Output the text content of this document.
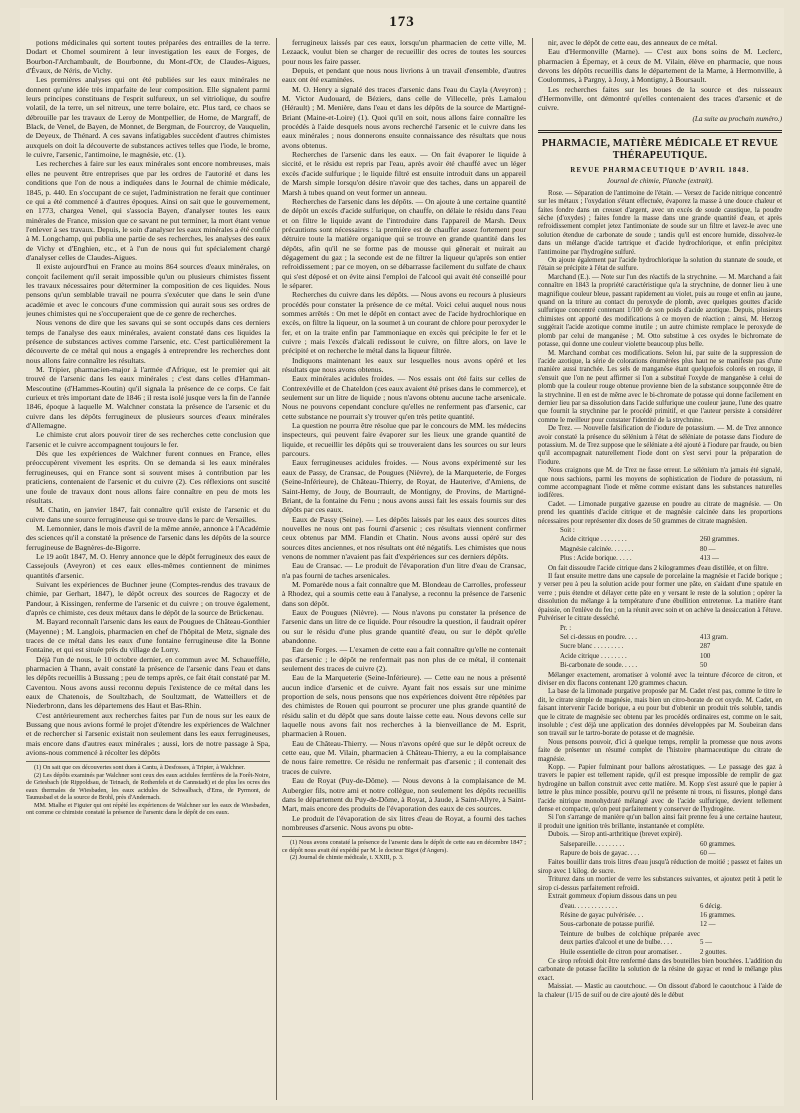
173

potions médicinales qui sortent toutes préparées des entrailles de la terre. Dodart et Chomel soumirent à leur investigation les eaux de Forges, de Bourbon-l'Archambault, de Bourbonne, du Mont-d'Or, de Claudes-Aigues, d'Évaux, de Néris, de Vichy.

Les premières analyses qui ont été publiées sur les eaux minérales ne donnent qu'une idée très imparfaite de leur composition. Elle signalent parmi leurs principes constituans de l'esprit sulfureux, un sel vitriolique, du soufre volatil, de la terre, un sel nitreux, une terre bolaire, etc. Plus tard, ce chaos se débrouille par les travaux de Leroy de Montpellier, de Home, de Margraff, de Black, de Venel, de Bayen, de Monnet, de Bergman, de Fourcroy, de Vauquelin, de Deyeux, de Thénard. A ces savans infatigables succèdent d'autres chimistes auxquels on doit la découverte de substances actives telles que l'iode, le brome, le cuivre, l'arsenic, l'antimoine, le magnésie, etc. (1).

Les recherches à faire sur les eaux minérales sont encore nombreuses, mais elles ne peuvent être entreprises que par les ordres de l'autorité et dans les conditions que l'on de nous a indiquées dans le Journal de chimie médicale, 1845, p. 440. En s'occupant de ce sujet, l'administration ne ferait que continuer ce qui a été commencé à d'autres époques. Ainsi on sait que le gouvernement, en 1773, chargea Venel, qui s'associa Bayen, d'analyser toutes les eaux minérales de France, mission que ce savant ne put terminer, la mort étant venue l'enlever à ses travaux. Depuis, le soin d'analyser les eaux minérales a été confié à M. Longchamp, qui publia une partie de ses recherches, les analyses des eaux de Vichy et d'Enghien, etc., et à l'un de nous qui fut spécialement chargé d'analyser celles de Claudes-Aigues.

Il existe aujourd'hui en France au moins 864 sources d'eaux minérales, on conçoit facilement qu'il serait impossible qu'un ou plusieurs chimistes fissent les travaux nécessaires pour déterminer la composition de ces liquides. Nous pensons qu'un semblable travail ne pourra s'exécuter que dans le sein d'une académie et avec le concours d'une commission qui aurait sous ses ordres de jeunes chimistes qui ne s'occuperaient que de ce genre de recherches.

Nous venons de dire que les savans qui se sont occupés dans ces derniers temps de l'analyse des eaux minérales, avaient constaté dans ces liquides la présence de substances actives comme l'arsenic, etc. C'est particulièrement la découverte de ce métal qui nous a engagés à entreprendre les recherches dont nous allons faire connaître les résultats.

M. Tripier, pharmacien-major à l'armée d'Afrique, est le premier qui ait trouvé de l'arsenic dans les eaux minérales ; c'est dans celles d'Hamman-Mescoutine (d'Hammes-Koutin) qu'il signala la présence de ce corps. Ce fait curieux et très important date de 1846 ; il resta isolé jusque vers la fin de l'année 1846, époque à laquelle M. Walchner constata la présence de l'arsenic et du cuivre dans les dépôts ferrugineux de plusieurs sources d'eaux minérales d'Allemagne.

Le chimiste crut alors pouvoir tirer de ses recherches cette conclusion que l'arsenic et le cuivre accompagnent toujours le fer.

Dès que les expériences de Walchner furent connues en France, elles préoccupèrent vivement les esprits. On se demanda si les eaux minérales ferrugineuses, qui en France sont si souvent mises à contribution par les praticiens, contenaient de l'arsenic et du cuivre (2). Ces réflexions ont suscité une foule de travaux dont nous allons faire connaître en peu de mots les résultats.

M. Chatin, en janvier 1847, fait connaître qu'il existe de l'arsenic et du cuivre dans une source ferrugineuse qui se trouve dans le parc de Versailles.

M. Lemonnier, dans le mois d'avril de la même année, annonce à l'Académie des sciences qu'il a constaté la présence de l'arsenic dans les dépôts de la source ferrugineuse de Bagnères-de-Bigorre.

Le 19 août 1847, M. O. Henry annonce que le dépôt ferrugineux des eaux de Cassejouls (Aveyron) et ces eaux elles-mêmes contiennent de minimes quantités d'arsenic.

Suivant les expériences de Buchner jeune (Comptes-rendus des travaux de chimie, par Gerhart, 1847), le dépôt ocreux des sources de Ragoczy et de Pandour, à Kissingen, renferme de l'arsenic et du cuivre ; on trouve également, d'après ce chimiste, ces deux métaux dans le dépôt de la source de Brückenau.

M. Bayard reconnaît l'arsenic dans les eaux de Pougues de Château-Gonthier (Mayenne) ; M. Langlois, pharmacien en chef de l'hôpital de Metz, signale des traces de ce métal dans les eaux d'une fontaine ferrugineuse dite la Bonne Fontaine, et qui est située près du village de Lorry.

Déjà l'un de nous, le 10 octobre dernier, en commun avec M. Schauefféle, pharmacien à Thann, avait constaté la présence de l'arsenic dans l'eau et dans les dépôts recueillis à Bussang ; peu de temps après, ce fait était constaté par M. Caventou. Nous avons aussi reconnu depuis l'existence de ce métal dans les eaux de Chatenois, de Soultzbach, de Soultzmatt, de Watteillers et de Niederbronn, dans les départemens des Haut et Bas-Rhin.

C'est antérieurement aux recherches faites par l'un de nous sur les eaux de Bussang que nous avions formé le projet d'étendre les expériences de Walchner et de rechercher si l'arsenic existait non seulement dans les eaux ferrugineuses, mais encore dans d'autres eaux minérales ; aussi, lors de notre passage à Spa, avions-nous commencé à récolter les dépôts

(1) On sait que ces découvertes sont dues à Cantu, à Desfosses, à Tripier, à Walchner.

(2) Les dépôts examinés par Walchner sont ceux des eaux acidules ferrifères de la Forêt-Noire, de Griesbach (de Rippoldsau, de Teinach, de Rothenfels et de Cannstadt) et de plus les ocres des eaux thermales de Wiesbaden, les eaux acidules de Schwalbach, d'Ems, de Pyrmont, de Taunusbad et de la source de Brohl, près d'Andernach.

MM. Mialhe et Figuier qui ont répété les expériences de Walchner sur les eaux de Wiesbaden, ont comme ce chimiste constaté la présence de l'arsenic dans le dépôt de ces eaux.

ferrugineux laissés par ces eaux, lorsqu'un pharmacien de cette ville, M. Lezaack, voulut bien se charger de recueillir des ocres de toutes les sources pour nous les faire passer.

Depuis, et pendant que nous nous livrions à un travail d'ensemble, d'autres eaux ont été examinées.

M. O. Henry a signalé des traces d'arsenic dans l'eau du Cayla (Aveyron) ; M. Victor Audouard, de Béziers, dans celle de Villecelle, près Lamalou (Hérault) ; M. Menière, dans l'eau et dans les dépôts de la source de Martigné-Briant (Maine-et-Loire) (1). Quoi qu'il en soit, nous allons faire connaître les procédés à l'aide desquels nous avons recherché l'arsenic et le cuivre dans les eaux minérales ; nous donnerons ensuite connaissance des résultats que nous avons obtenus.

Recherches de l'arsenic dans les eaux. — On fait évaporer le liquide à siccité, et le résidu est repris par l'eau, après avoir été chauffé avec un léger excès d'acide sulfurique ; le liquide filtré est ensuite introduit dans un appareil de Marsh simple lorsqu'on désire n'avoir que des taches, dans un appareil de Marsh à tubes quand on veut former un anneau.

Recherches de l'arsenic dans les dépôts. — On ajoute à une certaine quantité de dépôt un excès d'acide sulfurique, on chauffe, on délaie le résidu dans l'eau et on filtre le liquide avant de l'introduire dans l'appareil de Marsh. Deux précautions sont nécessaires : la première est de chauffer assez fortement pour détruire toute la matière organique qui se trouve en grande quantité dans les dépôts, afin qu'il ne se forme pas de mousse qui gênerait et nuirait au dégagement du gaz ; la seconde est de ne filtrer la liqueur qu'après son entier refroidissement ; par ce moyen, on se débarrasse facilement du sulfate de chaux qui s'est déposé et on évite ainsi l'emploi de l'alcool qui avait été conseillé pour le séparer.

Recherches du cuivre dans les dépôts. — Nous avons eu recours à plusieurs procédés pour constater la présence de ce métal. Voici celui auquel nous nous sommes arrêtés : On met le dépôt en contact avec de l'acide hydrochlorique en excès, on filtre la liqueur, on la soumet à un courant de chlore pour peroxyder le fer, et on la traite enfin par l'ammoniaque en excès qui précipite le fer et le cuivre ; mais l'excès d'alcali redissout le cuivre, on filtre alors, on lave le précipité et on recherche le métal dans la liqueur filtrée.

Indiquons maintenant les eaux sur lesquelles nous avons opéré et les résultats que nous avons obtenus.

Eaux minérales acidules froides. — Nos essais ont été faits sur celles de Contrexéville et de Chateldon (ces eaux avaient été prises dans le commerce), et seulement sur un litre de liquide ; nous n'avons obtenu aucune tache arsenicale. Nous ne pouvons cependant conclure qu'elles ne renferment pas d'arsenic, car cette substance ne pourrait s'y trouver qu'en très petite quantité.

La question ne pourra être résolue que par le concours de MM. les médecins inspecteurs, qui peuvent faire évaporer sur les lieux une grande quantité de liquide, et recueillir les dépôts qui se trouveraient dans les sources ou sur leurs parcours.

Eaux ferrugineuses acidules froides. — Nous avons expérimenté sur les eaux de Passy, de Cransac, de Pougues (Nièvre), de la Marqueterie, de Forges (Seine-Inférieure), de Château-Thierry, de Royat, de Hauterive, d'Amiens, de Saint-Hemy, de Jouy, de Bourrault, de Montigny, de Provins, de Martigné-Briant, de la fontaine du Fenu ; nous avons aussi fait les essais fournis sur des dépôts par ces eaux.

Eaux de Passy (Seine). — Les dépôts laissés par les eaux des sources dites nouvelles ne nous ont pas fourni d'arsenic ; ces résultats viennent confirmer ceux obtenus par MM. Flandin et Chatin. Nous avons aussi opéré sur des sources dites anciennes, et nos résultats ont été négatifs. Les chimistes que nous venons de nommer n'avaient pas fait d'expériences sur ces derniers dépôts.

Eau de Cransac. — Le produit de l'évaporation d'un litre d'eau de Cransac, n'a pas fourni de taches arsenicales.

M. Pomarède nous a fait connaître que M. Blondeau de Carrolles, professeur à Rhodez, qui a soumis cette eau à l'analyse, a reconnu la présence de l'arsenic dans son dépôt.

Eaux de Pougues (Nièvre). — Nous n'avons pu constater la présence de l'arsenic dans un litre de ce liquide. Pour résoudre la question, il faudrait opérer ou sur le résidu d'une plus grande quantité d'eau, ou sur le dépôt qu'elle abandonne.

Eau de Forges. — L'examen de cette eau a fait connaître qu'elle ne contenait pas d'arsenic ; le dépôt ne renfermait pas non plus de ce métal, il contenait seulement des traces de cuivre (2).

Eau de la Marqueterie (Seine-Inférieure). — Cette eau ne nous a présenté aucun indice d'arsenic et de cuivre. Ayant fait nos essais sur une minime proportion de sels, nous pensons que nos expériences doivent être répétées par des chimistes de Rouen qui pourront se procurer une plus grande quantité de résidu salin et du dépôt que sans doute laisse cette eau. Nous devons celle sur laquelle nous avons fait nos recherches à la bienveillance de M. Esprit, pharmacien à Rouen.

Eau de Château-Thierry. — Nous n'avons opéré que sur le dépôt ocreux de cette eau, que M. Vilain, pharmacien à Château-Thierry, a eu la complaisance de nous faire remettre. Ce résidu ne renfermait pas d'arsenic ; il contenait des traces de cuivre.

Eau de Royat (Puy-de-Dôme). — Nous devons à la complaisance de M. Aubergier fils, notre ami et notre collègue, non seulement les dépôts recueillis dans le département du Puy-de-Dôme, à Royat, à Jaude, à Saint-Allyre, à Saint-Mart, mais encore des produits de l'évaporation des eaux de ces sources.

Le produit de l'évaporation de six litres d'eau de Royat, a fourni des taches nombreuses d'arsenic. Nous avons pu obte-

(1) Nous avons constaté la présence de l'arsenic dans le dépôt de cette eau en décembre 1847 ; ce dépôt nous avait été expédié par M. le docteur Bigot (d'Angers).

(2) Journal de chimie médicale, t. XXIII, p. 3.

nir, avec le dépôt de cette eau, des anneaux de ce métal.

Eau d'Hermonville (Marne). — C'est aux bons soins de M. Leclerc, pharmacien à Épernay, et à ceux de M. Vilain, élève en pharmacie, que nous devons les dépôts recueillis dans le département de la Marne, à Hermonville, à Coulommes, à Pargny, à Jouy, à Montigny, à Boursault.

Les recherches faites sur les boues de la source et des ruisseaux d'Hermonville, ont démontré qu'elles contenaient des traces d'arsenic et de cuivre.

(La suite au prochain numéro.)
PHARMACIE, MATIÈRE MÉDICALE ET REVUE THÉRAPEUTIQUE.
REVUE PHARMACEUTIQUE D'AVRIL 1848.
Journal de chimie, Planche (extrait).

Rose. — Séparation de l'antimoine de l'étain. — Versez de l'acide nitrique concentré sur les métaux ; l'oxydation s'étant effectuée, évaporez la masse à une douce chaleur et faites fondre dans un creuset d'argent, avec un excès de soude caustique, la poudre sèche (d'oxydes) ; faites fondre la masse dans une grande quantité d'eau, et après refroidissement complet jetez l'antimoniate de soude sur un filtre et lavez-le avec une solution étendue de carbonate de soude ; tandis qu'il est encore humide, dissolvez-le dans un mélange d'acide tartrique et d'acide hydrochlorique, et enfin précipitez l'antimoine par l'hydrogène sulfuré.

On ajoute également par l'acide hydrochlorique la solution du stannate de soude, et l'étain se précipite à l'état de sulfure.

Marchand (E.). — Note sur l'un des réactifs de la strychnine. — M. Marchand a fait connaître en 1843 la propriété caractéristique qu'a la strychnine, de donner lieu à une magnifique couleur bleue, passant rapidement au violet, puis au rouge et enfin au jaune, quand on la triture au contact du peroxyde de plomb, avec quelques gouttes d'acide sulfurique concentré contenant 1/100 de son poids d'acide azotique. Depuis, plusieurs chimistes ont apporté des modifications à ce moyen de réaction ; ainsi, M. Herzog suggérait l'acide azotique comme inutile ; un autre chimiste remplace le peroxyde de plomb par celui de manganèse ; M. Otto substitue à ces oxydes le bichromate de potasse, qui donne une couleur violette beaucoup plus belle.

M. Marchand combat ces modifications. Selon lui, par suite de la suppression de l'acide azotique, la série de colorations énumérées plus haut ne se manifeste pas d'une manière aussi tranchée. Les sels de manganèse étant quelquefois colorés en rouge, il s'ensuit que l'on ne peut affirmer si l'on a substitué l'oxyde de manganèse à celui de plomb que la couleur rouge obtenue provienne bien de la substance soupçonnée être de la strychnine. Il en est de même avec le bi-chromate de potasse qui donne facilement en dernier lieu par sa dissolution dans l'acide sulfurique une couleur jaune, l'une des quatre que fournit la strychnine par le procédé primitif, et que l'auteur persiste à considérer comme le meilleur pour constater l'identité de la strychnine.

De Trez. — Nouvelle falsification de l'iodure de potassium. — M. de Trez annonce avoir constaté la présence du sélénium à l'état de séléniate de potasse dans l'iodure de potassium. M. de Trez suppose que le séléniate a été ajouté à l'iodure par fraude, ou bien qu'il accompagnait naturellement l'iode dont on s'est servi pour la préparation de l'iodure.

Nous craignons que M. de Trez ne fasse erreur. Le sélénium n'a jamais été signalé, que nous sachions, parmi les moyens de sophistication de l'iodure de potassium, ni comme accompagnant l'iode et même comme existant dans les substances naturelles iodifères.

Cadet. — Limonade purgative gazeuse en poudre au citrate de magnésie. — On prend les quantités d'acide citrique et de magnésie calcinée dans les proportions nécessaires pour représenter dix doses de 50 grammes de citrate magnésien.

Soit :
Acide citrique . . . . . . . .	260 grammes.
Magnésie calcinée. . . . . . .	80 —
Plus : Acide borique. . . . .	413 —

On fait dissoudre l'acide citrique dans 2 kilogrammes d'eau distillée, et on filtre.

Il faut ensuite mettre dans une capsule de porcelaine la magnésie et l'acide borique ; y verser peu à peu la solution acide pour former une pâte, en s'aidant d'une spatule en verre ; puis étendre et délayer cette pâte en y versant le reste de la solution ; opérer la dissolution du mélange à la température d'une ébullition entretenue. La matière étant épaissie, on l'enlève du feu ; on la réunit avec soin et on achève la dessiccation à l'étuve. Pulvériser le citrate desséché.

Pr. :
Sel ci-dessus en poudre. . . .	413 gram.
Sucre blanc . . . . . . . . .	287
Acide citrique . . . . . . . .	100
Bi-carbonate de soude. . . . .	50

Mélanger exactement, aromatiser à volonté avec la teinture d'écorce de citron, et diviser en dix flacons contenant 120 grammes chacun.

La base de la limonade purgative proposée par M. Cadet n'est pas, comme le titre le dit, le citrate simple de magnésie, mais bien un citro-borate de cet oxyde. M. Cadet, en faisant intervenir l'acide borique, a eu pour but d'obtenir un produit très soluble, tandis que le citrate de magnésie sec obtenu par les procédés ordinaires est, comme on le sait, insoluble ; c'est déjà une application des données développées par M. Soubeiran dans son travail sur le tartro-borate de potasse et de magnésie.

Nous pensons pouvoir, d'ici à quelque temps, remplir la promesse que nous avons faite de présenter un résumé complet de l'histoire pharmaceutique du citrate de magnésie.

Kopp. — Papier fulminant pour ballons aérostatiques. — Le passage des gaz à travers le papier est tellement rapide, qu'il est presque impossible de remplir de gaz hydrogène un ballon construit avec cette matière. M. Kopp s'est assuré que le papier à lettre le plus mince possible, pourvu qu'il ne présente ni trous, ni fissures, plongé dans l'acide nitrique monohydraté mélangé avec de l'acide sulfurique, devient tellement dense et compacte, qu'on peut parfaitement y conserver de l'hydrogène.

Si l'on s'arrange de manière qu'un ballon ainsi fait prenne feu à une certaine hauteur, il produit une ignition très brillante, instantanée et complète.

Dubois. — Sirop anti-arthritique (brevet expiré).

Salsepareille. . . . . . . . .	60 grammes.
Rapure de bois de gayac. . . .	60 —

Faites bouillir dans trois litres d'eau jusqu'à réduction de moitié ; passez et faites un sirop avec 1 kilog. de sucre.

Triturez dans un mortier de verre les substances suivantes, et ajoutez petit à petit le sirop ci-dessus parfaitement refroidi.

Extrait gommeux d'opium dissous dans un peu

d'eau. . . . . . . . . . . . .	6 décig.
Résine de gayac pulvérisée. . .	16 grammes.
Sous-carbonate de potasse purifié.	12 —
Teinture de bulbes de colchique préparée avec deux parties d'alcool et une de bulbe. . . .	5 —
Huile essentielle de citron pour aromatiser. .	2 gouttes.

Ce sirop refroidi doit être renfermé dans des bouteilles bien bouchées. L'addition du carbonate de potasse facilite la solution de la résine de gayac et rend le mélange plus exact.

Maissiat. — Mastic au caoutchouc. — On dissout d'abord le caoutchouc à l'aide de la chaleur (1/15 de suif ou de cire ajouté dès le début
